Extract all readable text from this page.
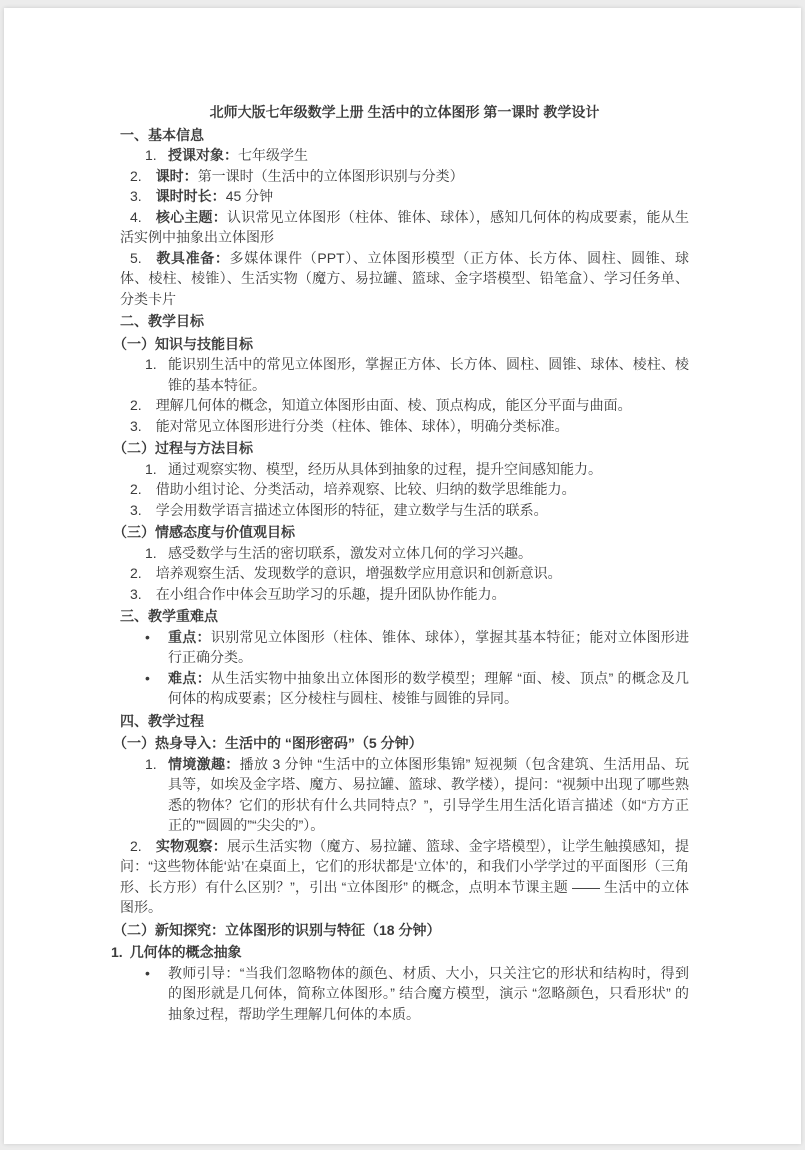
北师大版七年级数学上册 生活中的立体图形 第一课时 教学设计

一、基本信息

1. 授课对象：七年级学生

2. 课时：第一课时（生活中的立体图形识别与分类）

3. 课时时长：45 分钟

4. 核心主题：认识常见立体图形（柱体、锥体、球体），感知几何体的构成要素，能从生活实例中抽象出立体图形

5. 教具准备：多媒体课件（PPT）、立体图形模型（正方体、长方体、圆柱、圆锥、球体、棱柱、棱锥）、生活实物（魔方、易拉罐、篮球、金字塔模型、铅笔盒）、学习任务单、分类卡片

二、教学目标

（一）知识与技能目标

1. 能识别生活中的常见立体图形，掌握正方体、长方体、圆柱、圆锥、球体、棱柱、棱锥的基本特征。

2. 理解几何体的概念，知道立体图形由面、棱、顶点构成，能区分平面与曲面。

3. 能对常见立体图形进行分类（柱体、锥体、球体），明确分类标准。

（二）过程与方法目标

1. 通过观察实物、模型，经历从具体到抽象的过程，提升空间感知能力。

2. 借助小组讨论、分类活动，培养观察、比较、归纳的数学思维能力。

3. 学会用数学语言描述立体图形的特征，建立数学与生活的联系。

（三）情感态度与价值观目标

1. 感受数学与生活的密切联系，激发对立体几何的学习兴趣。

2. 培养观察生活、发现数学的意识，增强数学应用意识和创新意识。

3. 在小组合作中体会互助学习的乐趣，提升团队协作能力。

三、教学重难点

• 重点：识别常见立体图形（柱体、锥体、球体），掌握其基本特征；能对立体图形进行正确分类。

• 难点：从生活实物中抽象出立体图形的数学模型；理解 “面、棱、顶点” 的概念及几何体的构成要素；区分棱柱与圆柱、棱锥与圆锥的异同。

四、教学过程

（一）热身导入：生活中的 “图形密码”（5 分钟）

1. 情境激趣：播放 3 分钟 “生活中的立体图形集锦” 短视频（包含建筑、生活用品、玩具等，如埃及金字塔、魔方、易拉罐、篮球、教学楼），提问：“视频中出现了哪些熟悉的物体？它们的形状有什么共同特点？”，引导学生用生活化语言描述（如“方方正正的”“圆圆的”“尖尖的”）。

2. 实物观察：展示生活实物（魔方、易拉罐、篮球、金字塔模型），让学生触摸感知，提问：“这些物体能‘站’在桌面上，它们的形状都是‘立体’的，和我们小学学过的平面图形（三角形、长方形）有什么区别？”，引出 “立体图形” 的概念，点明本节课主题 —— 生活中的立体图形。

（二）新知探究：立体图形的识别与特征（18 分钟）

1. 几何体的概念抽象

• 教师引导：“当我们忽略物体的颜色、材质、大小，只关注它的形状和结构时，得到的图形就是几何体，简称立体图形。” 结合魔方模型，演示 “忽略颜色，只看形状” 的抽象过程，帮助学生理解几何体的本质。
